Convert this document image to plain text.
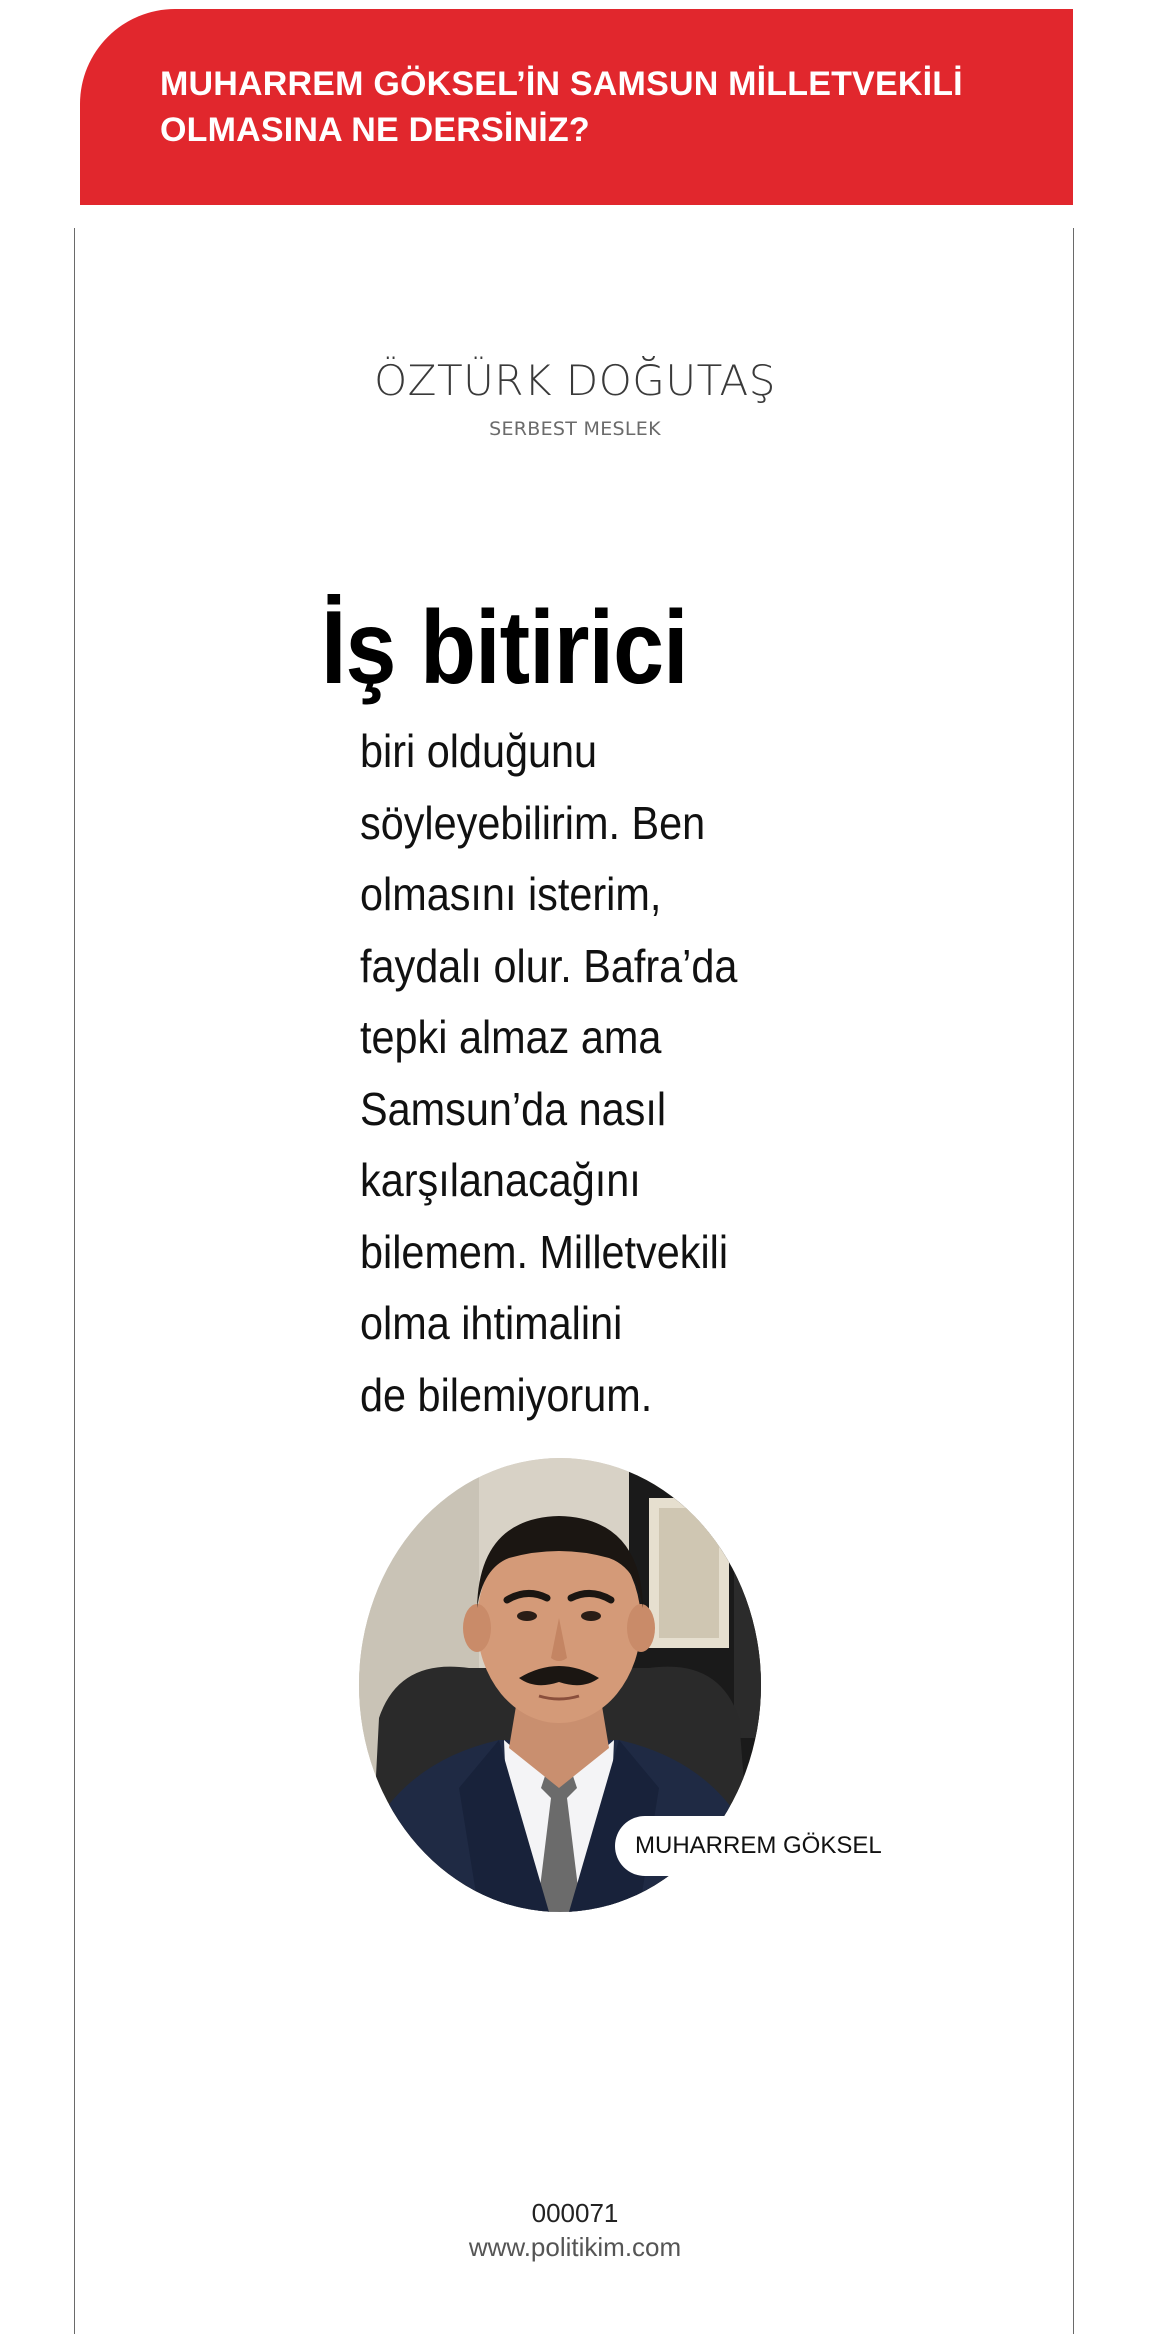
MUHARREM GÖKSEL’İN SAMSUN MİLLETVEKİLİ
OLMASINA NE DERSİNİZ?
ÖZTÜRK DOĞUTAŞ
SERBEST MESLEK
İş bitirici
biri olduğunu
söyleyebilirim. Ben
olmasını isterim,
faydalı olur. Bafra’da
tepki almaz ama
Samsun’da nasıl
karşılanacağını
bilemem. Milletvekili
olma ihtimalini
de bilemiyorum.
MUHARREM GÖKSEL
000071
www.politikim.com
